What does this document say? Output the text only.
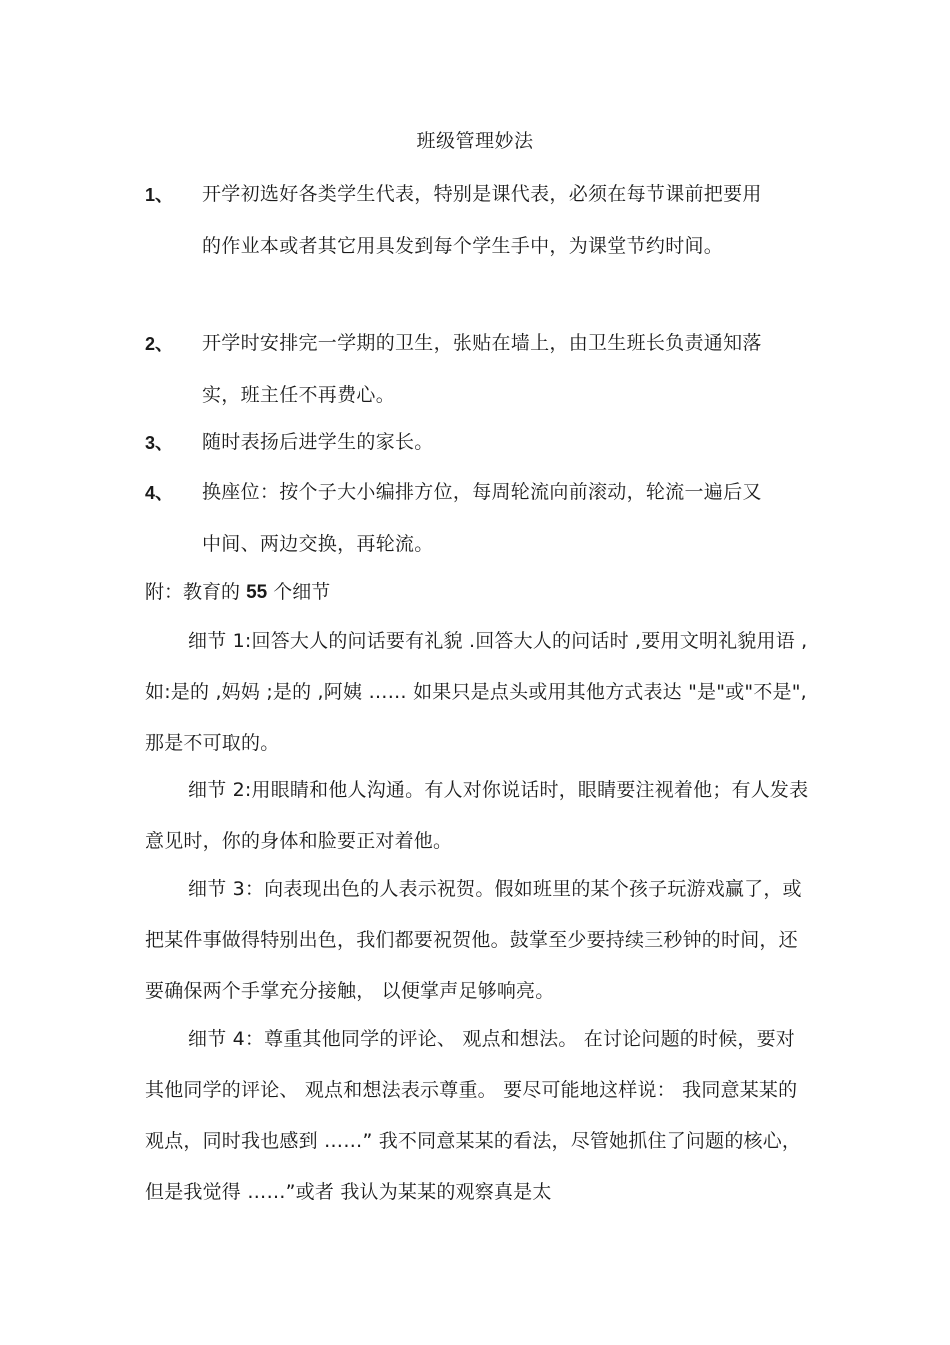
班级管理妙法
1、 开学初选好各类学生代表，特别是课代表，必须在每节课前把要用的作业本或者其它用具发到每个学生手中，为课堂节约时间。
2、 开学时安排完一学期的卫生，张贴在墙上，由卫生班长负责通知落实，班主任不再费心。
3、 随时表扬后进学生的家长。
4、 换座位：按个子大小编排方位，每周轮流向前滚动，轮流一遍后又中间、两边交换，再轮流。
附：教育的 55 个细节
细节 1:回答大人的问话要有礼貌 .回答大人的问话时 ,要用文明礼貌用语 ,如:是的 ,妈妈 ;是的 ,阿姨 …… 如果只是点头或用其他方式表达 "是"或"不是",那是不可取的。
细节 2:用眼睛和他人沟通。有人对你说话时，眼睛要注视着他；有人发表意见时，你的身体和脸要正对着他。
细节 3：向表现出色的人表示祝贺。假如班里的某个孩子玩游戏赢了，或把某件事做得特别出色，我们都要祝贺他。鼓掌至少要持续三秒钟的时间，还要确保两个手掌充分接触， 以便掌声足够响亮。
细节 4：尊重其他同学的评论、 观点和想法。 在讨论问题的时候，要对其他同学的评论、 观点和想法表示尊重。 要尽可能地这样说： 我同意某某的观点，同时我也感到 ……” 我不同意某某的看法，尽管她抓住了问题的核心， 但是我觉得 ……”或者 我认为某某的观察真是太
